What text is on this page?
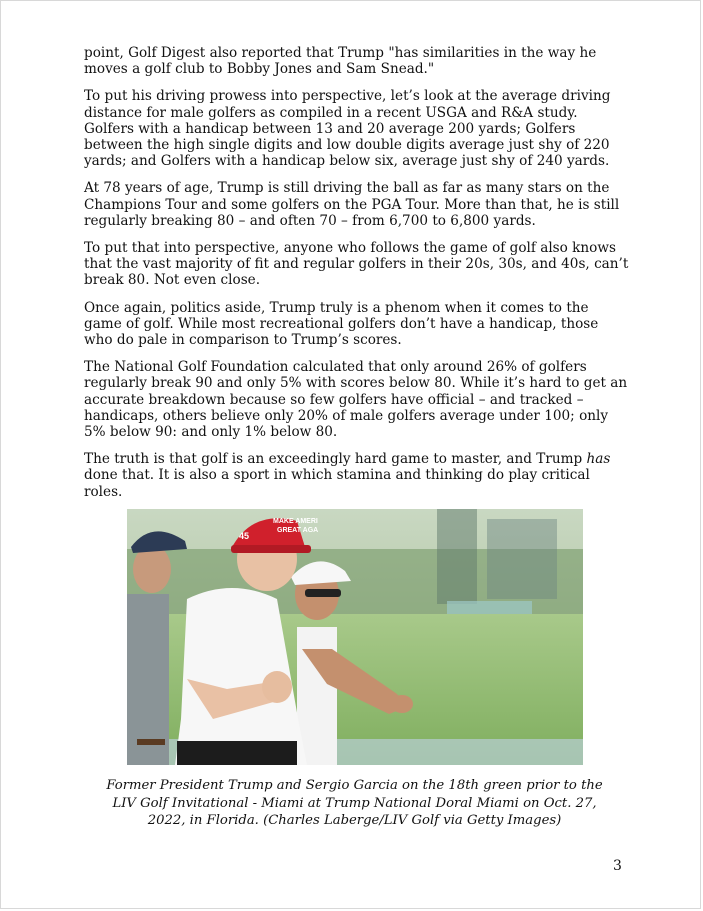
point, Golf Digest also reported that Trump "has similarities in the way he moves a golf club to Bobby Jones and Sam Snead."

To put his driving prowess into perspective, let’s look at the average driving distance for male golfers as compiled in a recent USGA and R&A study. Golfers with a handicap between 13 and 20 average 200 yards; Golfers between the high single digits and low double digits average just shy of 220 yards; and Golfers with a handicap below six, average just shy of 240 yards.

At 78 years of age, Trump is still driving the ball as far as many stars on the Champions Tour and some golfers on the PGA Tour. More than that, he is still regularly breaking 80 – and often 70 – from 6,700 to 6,800 yards.

To put that into perspective, anyone who follows the game of golf also knows that the vast majority of fit and regular golfers in their 20s, 30s, and 40s, can’t break 80. Not even close.

Once again, politics aside, Trump truly is a phenom when it comes to the game of golf. While most recreational golfers don’t have a handicap, those who do pale in comparison to Trump’s scores.

The National Golf Foundation calculated that only around 26% of golfers regularly break 90 and only 5% with scores below 80. While it’s hard to get an accurate breakdown because so few golfers have official – and tracked – handicaps, others believe only 20% of male golfers average under 100; only 5% below 90: and only 1% below 80.

The truth is that golf is an exceedingly hard game to master, and Trump has done that. It is also a sport in which stamina and thinking do play critical roles.

MAKE AMERI
GREAT AGA
45
Former President Trump and Sergio Garcia on the 18th green prior to the LIV Golf Invitational - Miami at Trump National Doral Miami on Oct. 27, 2022, in Florida. (Charles Laberge/LIV Golf via Getty Images)
3
